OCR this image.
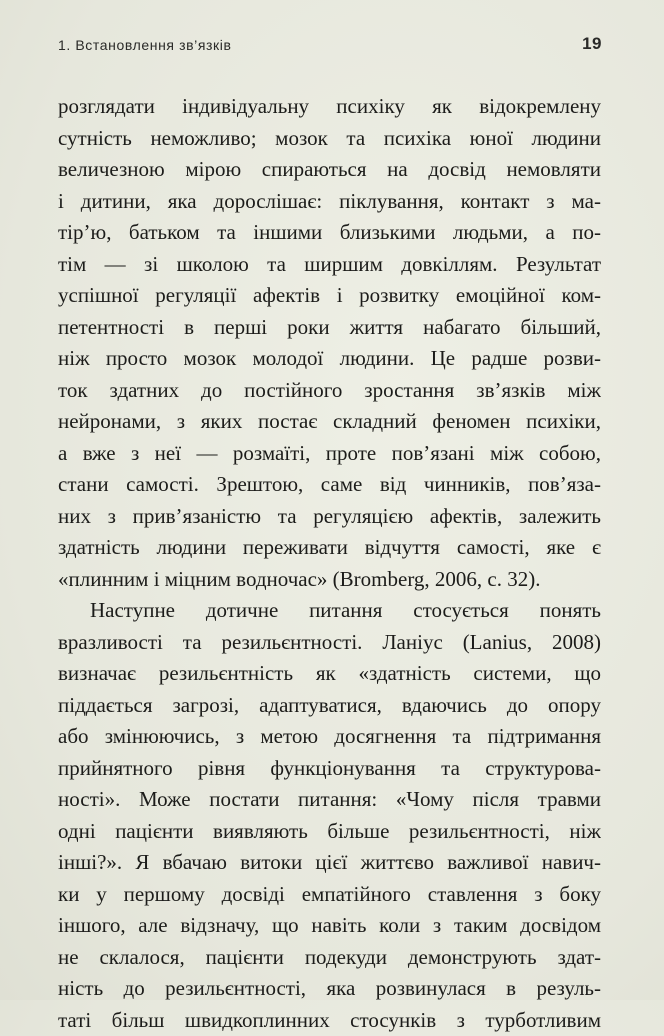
1. Встановлення зв’язків	19
розглядати індивідуальну психіку як відокремлену
сутність неможливо; мозок та психіка юної людини
величезною мірою спираються на досвід немовляти
і дитини, яка дорослішає: піклування, контакт з ма-
тір’ю, батьком та іншими близькими людьми, а по-
тім — зі школою та ширшим довкіллям. Результат
успішної регуляції афектів і розвитку емоційної ком-
петентності в перші роки життя набагато більший,
ніж просто мозок молодої людини. Це радше розви-
ток здатних до постійного зростання зв’язків між
нейронами, з яких постає складний феномен психіки,
а вже з неї — розмаїті, проте пов’язані між собою,
стани самості. Зрештою, саме від чинників, пов’яза-
них з прив’язаністю та регуляцією афектів, залежить
здатність людини переживати відчуття самості, яке є
«плинним і міцним водночас» (Bromberg, 2006, с. 32).
Наступне дотичне питання стосується понять
вразливості та резильєнтності. Ланіус (Lanius, 2008)
визначає резильєнтність як «здатність системи, що
піддається загрозі, адаптуватися, вдаючись до опору
або змінюючись, з метою досягнення та підтримання
прийнятного рівня функціонування та структурова-
ності». Може постати питання: «Чому після травми
одні пацієнти виявляють більше резильєнтності, ніж
інші?». Я вбачаю витоки цієї життєво важливої навич-
ки у першому досвіді емпатійного ставлення з боку
іншого, але відзначу, що навіть коли з таким досвідом
не склалося, пацієнти подекуди демонструють здат-
ність до резильєнтності, яка розвинулася в резуль-
таті більш швидкоплинних стосунків з турботливим
